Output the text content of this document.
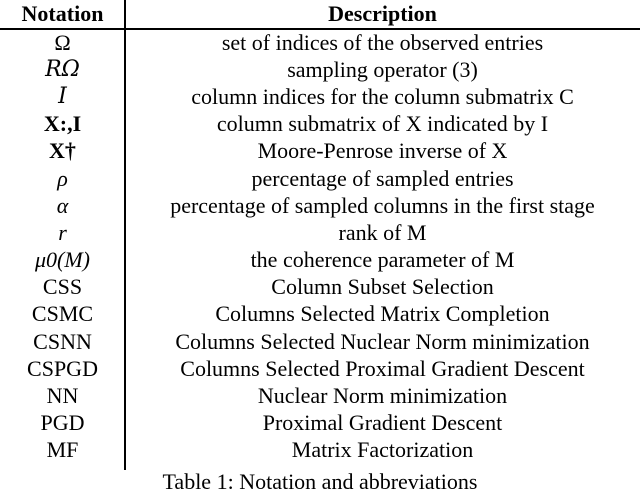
Notation	Description
Ω	set of indices of the observed entries
RΩ	sampling operator (3)
I	column indices for the column submatrix C
X:,I	column submatrix of X indicated by I
X†	Moore-Penrose inverse of X
ρ	percentage of sampled entries
α	percentage of sampled columns in the first stage
r	rank of M
μ0(M)	the coherence parameter of M
CSS	Column Subset Selection
CSMC	Columns Selected Matrix Completion
CSNN	Columns Selected Nuclear Norm minimization
CSPGD	Columns Selected Proximal Gradient Descent
NN	Nuclear Norm minimization
PGD	Proximal Gradient Descent
MF	Matrix Factorization
Table 1: Notation and abbreviations
